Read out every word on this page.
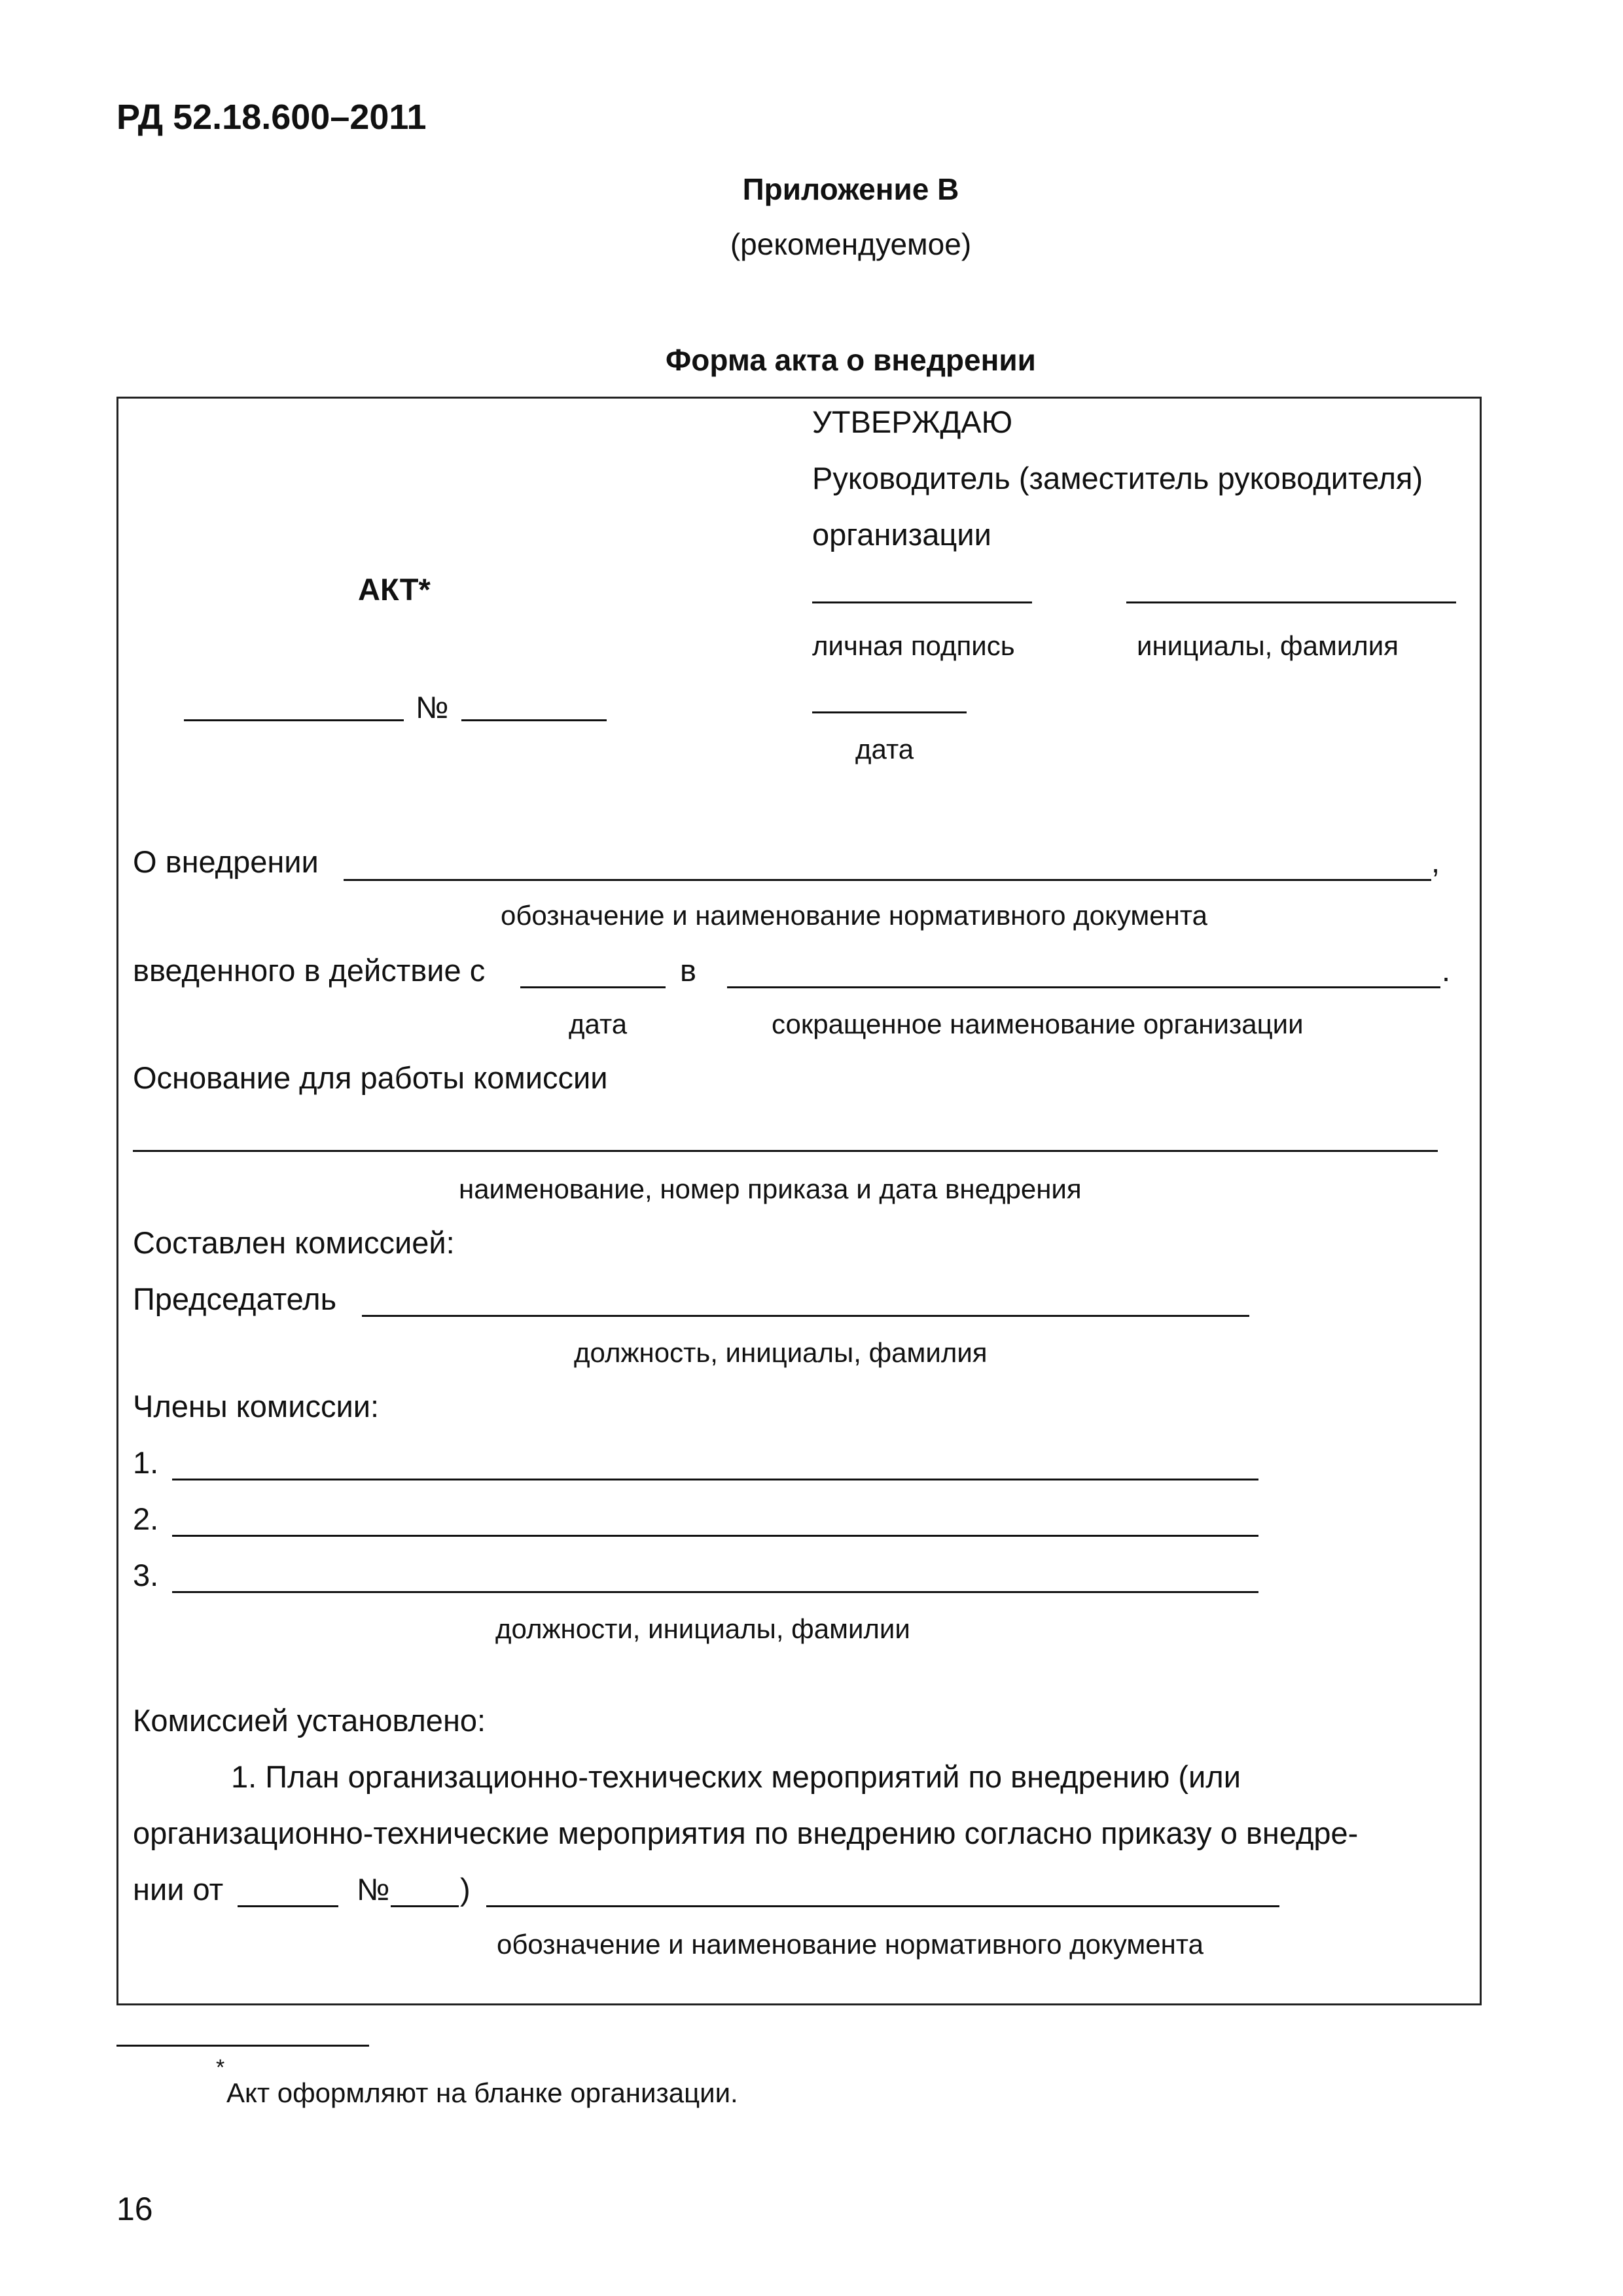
РД 52.18.600–2011
Приложение В
(рекомендуемое)
Форма акта о внедрении
УТВЕРЖДАЮ
Руководитель (заместитель руководителя)
организации
АКТ*
личная подпись	инициалы, фамилия
№
дата
О внедрении	,
обозначение и наименование нормативного документа
введенного в действие с	в	.
дата	сокращенное наименование организации
Основание для работы комиссии
наименование, номер приказа и дата внедрения
Составлен комиссией:
Председатель
должность, инициалы, фамилия
Члены комиссии:
1.
2.
3.
должности, инициалы, фамилии
Комиссией установлено:
1. План организационно-технических мероприятий по внедрению (или
организационно-технические мероприятия по внедрению согласно приказу о внедре-
нии от	№ )
обозначение и наименование нормативного документа
*
Акт оформляют на бланке организации.
16
